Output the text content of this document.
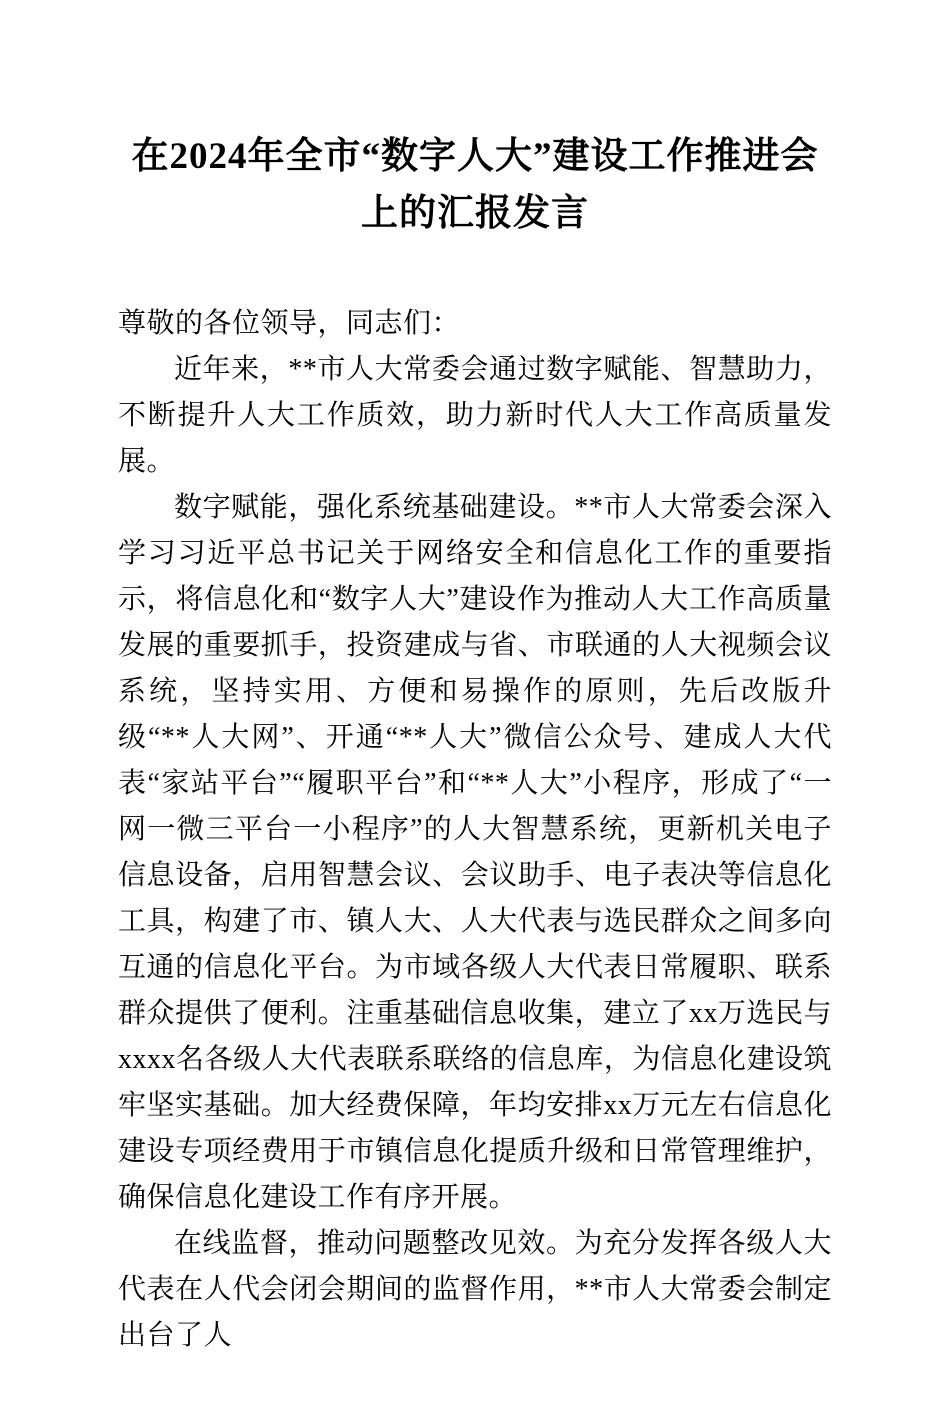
在2024年全市“数字人大”建设工作推进会上的汇报发言

尊敬的各位领导，同志们：

近年来，**市人大常委会通过数字赋能、智慧助力，不断提升人大工作质效，助力新时代人大工作高质量发展。

数字赋能，强化系统基础建设。**市人大常委会深入学习习近平总书记关于网络安全和信息化工作的重要指示，将信息化和“数字人大”建设作为推动人大工作高质量发展的重要抓手，投资建成与省、市联通的人大视频会议系统，坚持实用、方便和易操作的原则，先后改版升级“**人大网”、开通“**人大”微信公众号、建成人大代表“家站平台”“履职平台”和“**人大”小程序，形成了“一网一微三平台一小程序”的人大智慧系统，更新机关电子信息设备，启用智慧会议、会议助手、电子表决等信息化工具，构建了市、镇人大、人大代表与选民群众之间多向互通的信息化平台。为市域各级人大代表日常履职、联系群众提供了便利。注重基础信息收集，建立了xx万选民与xxxx名各级人大代表联系联络的信息库，为信息化建设筑牢坚实基础。加大经费保障，年均安排xx万元左右信息化建设专项经费用于市镇信息化提质升级和日常管理维护，确保信息化建设工作有序开展。

在线监督，推动问题整改见效。为充分发挥各级人大代表在人代会闭会期间的监督作用，**市人大常委会制定出台了人
